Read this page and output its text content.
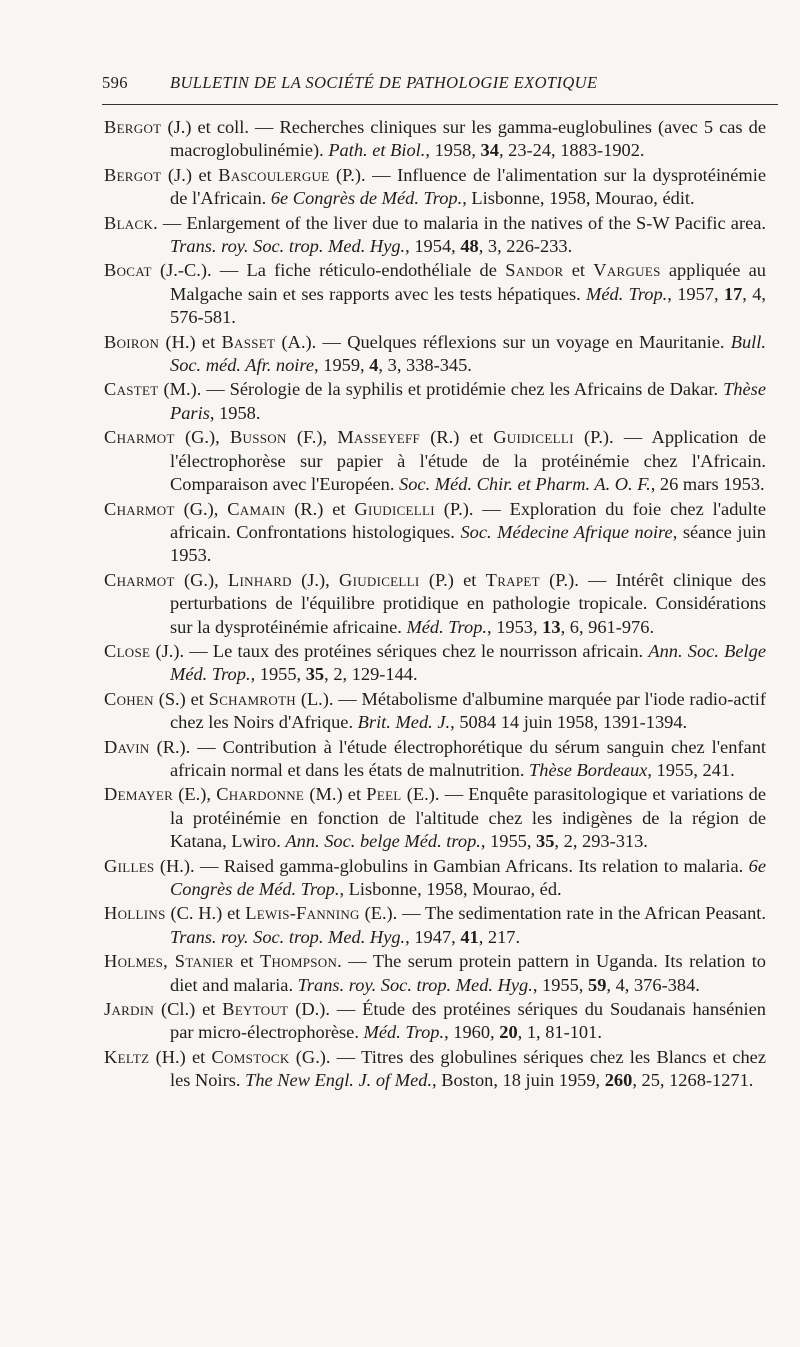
596	BULLETIN DE LA SOCIÉTÉ DE PATHOLOGIE EXOTIQUE

Bergot (J.) et coll. — Recherches cliniques sur les gamma-euglobulines (avec 5 cas de macroglobulinémie). Path. et Biol., 1958, 34, 23-24, 1883-1902.

Bergot (J.) et Bascoulergue (P.). — Influence de l'alimentation sur la dysprotéinémie de l'Africain. 6e Congrès de Méd. Trop., Lisbonne, 1958, Mourao, édit.

Black. — Enlargement of the liver due to malaria in the natives of the S-W Pacific area. Trans. roy. Soc. trop. Med. Hyg., 1954, 48, 3, 226-233.

Bocat (J.-C.). — La fiche réticulo-endothéliale de Sandor et Vargues appliquée au Malgache sain et ses rapports avec les tests hépatiques. Méd. Trop., 1957, 17, 4, 576-581.

Boiron (H.) et Basset (A.). — Quelques réflexions sur un voyage en Mauritanie. Bull. Soc. méd. Afr. noire, 1959, 4, 3, 338-345.

Castet (M.). — Sérologie de la syphilis et protidémie chez les Africains de Dakar. Thèse Paris, 1958.

Charmot (G.), Busson (F.), Masseyeff (R.) et Guidicelli (P.). — Application de l'électrophorèse sur papier à l'étude de la protéinémie chez l'Africain. Comparaison avec l'Européen. Soc. Méd. Chir. et Pharm. A. O. F., 26 mars 1953.

Charmot (G.), Camain (R.) et Giudicelli (P.). — Exploration du foie chez l'adulte africain. Confrontations histologiques. Soc. Médecine Afrique noire, séance juin 1953.

Charmot (G.), Linhard (J.), Giudicelli (P.) et Trapet (P.). — Intérêt clinique des perturbations de l'équilibre protidique en pathologie tropicale. Considérations sur la dysprotéinémie africaine. Méd. Trop., 1953, 13, 6, 961-976.

Close (J.). — Le taux des protéines sériques chez le nourrisson africain. Ann. Soc. Belge Méd. Trop., 1955, 35, 2, 129-144.

Cohen (S.) et Schamroth (L.). — Métabolisme d'albumine marquée par l'iode radio-actif chez les Noirs d'Afrique. Brit. Med. J., 5084 14 juin 1958, 1391-1394.

Davin (R.). — Contribution à l'étude électrophorétique du sérum sanguin chez l'enfant africain normal et dans les états de malnutrition. Thèse Bordeaux, 1955, 241.

Demayer (E.), Chardonne (M.) et Peel (E.). — Enquête parasitologique et variations de la protéinémie en fonction de l'altitude chez les indigènes de la région de Katana, Lwiro. Ann. Soc. belge Méd. trop., 1955, 35, 2, 293-313.

Gilles (H.). — Raised gamma-globulins in Gambian Africans. Its relation to malaria. 6e Congrès de Méd. Trop., Lisbonne, 1958, Mourao, éd.

Hollins (C. H.) et Lewis-Fanning (E.). — The sedimentation rate in the African Peasant. Trans. roy. Soc. trop. Med. Hyg., 1947, 41, 217.

Holmes, Stanier et Thompson. — The serum protein pattern in Uganda. Its relation to diet and malaria. Trans. roy. Soc. trop. Med. Hyg., 1955, 59, 4, 376-384.

Jardin (Cl.) et Beytout (D.). — Étude des protéines sériques du Soudanais hansénien par micro-électrophorèse. Méd. Trop., 1960, 20, 1, 81-101.

Keltz (H.) et Comstock (G.). — Titres des globulines sériques chez les Blancs et chez les Noirs. The New Engl. J. of Med., Boston, 18 juin 1959, 260, 25, 1268-1271.
